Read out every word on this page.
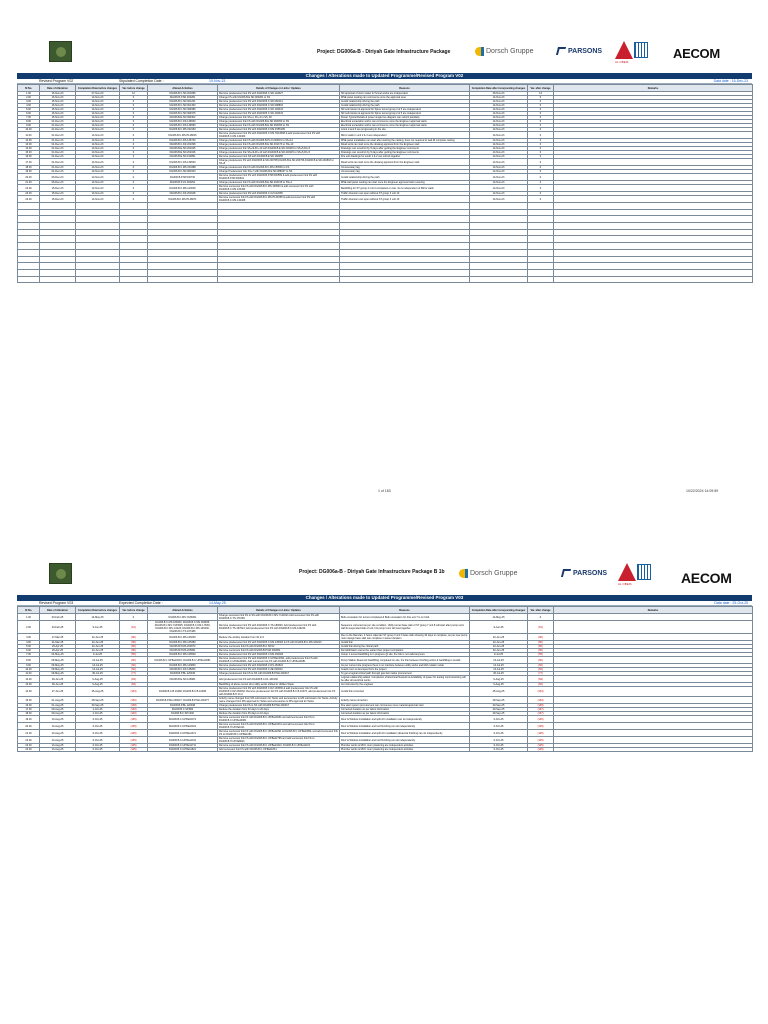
Project: DG006a-B - Diriyah Gate Infrastructure Package	Dorsch Gruppe	PARSONS
AL OBEIS
AECOM
Changes / Alterations made to Updated Programme/Revised Program V02
Revised Program V02	Stipulated Completion Date :	19-Nov-23	Data date : 16-Dec-23
Sl No.	Date of Alteration	Completion Date before changes	Var. before change	Altered Activities	Details of Changes in Links / Updates	Reasons	Completion Date after incorporating changes	Var. after change	Remarks
1.00	16-Nov-23	27-Nov-23	12	DG006.B.C.SD.201866	Remove predecessor link FS with DG006.B.C.SD.144027	SD approval of storm water & Tunnel works are independent	28-Nov-23	13	
2.00	16-Nov-23	14-Nov-23	0	DG006.B.P.SD.000281	Change FS with DG006.B.E.SD.000281 to SS	MSE panel casting can commence once the approval ssue	14-Nov-23	0	
3.00	16-Nov-23	14-Nov-23	0	DG006.B.C.SD.001201	Remove predecessor link FS with DG006.B.C.SD.082114	Invalid relationship driving the path	14-Nov-23	0	
4.00	16-Nov-23	14-Nov-23	0	DG006.B.C.SD.001300	Remove predecessor link FS with DG006.B.C.SD.098803	Invalid relationship driving the path	14-Nov-23	0	
5.00	16-Nov-23	14-Nov-23	0	DG006.B.C.SD.364986	Remove predecessor link FS with DG006.B.C.SD.146043	SD submission & approval for Spine tunnel group 2 & 5 are independent	14-Nov-23	0	
6.00	16-Nov-23	14-Nov-23	0	DG006.B.C.SD.364976	Remove predecessor link FS with DG006.B.C.SD.146043	SD submission & approval for Spine tunnel group 2 & 5 are independent	14-Nov-23	0	
7.00	16-Nov-23	14-Nov-23	0	DG006.B.E.SD.092302	Change predecessor link SS+4, FF+4 to SS, FF	Power Typical Details & power single line diagram can submit parallelly	14-Nov-23	0	
8.00	01-Dec-23	14-Nov-23	0	DG006.B.C.DS.139630	Change predecessor link FS with DG006.B.E.SD.093050 to SS	Electrical excavation works can commence once the Engineer approval starts	14-Nov-23	0	
9.00	01-Dec-23	14-Nov-23	0	DG006.B.C.DS.139660	Change predecessor link FS with DG006.B.E.SD.093050 to SS	Electrical excavation works can commence once the Engineer approval starts	14-Nov-23	0	
10.00	01-Dec-23	14-Nov-23	0	DG006.B.C.MS.190163	Remove predecessor link FS with DG006.B.C.MS.P155199	Grout 2 and 3 are progressing in the site	14-Nov-23	0	
11.00	01-Dec-23	14-Nov-23	0	DG006.B.C.MS.H148015	Remove predecessor link FS with DG006.B.C.MS.H143468 & add predecessor link FS with DG006.B.C.MS.140460	Mirror walls in unit 2 & 3 are independent	14-Nov-23	0	
12.00	01-Dec-23	14-Nov-23	0	DG006.B.C.DS.136740	Change predecessor link FS with DG006.B.P.LO.003001 to SS+14	MSE panel installation can start after starting the casting, does not required to wait till complete casting	14-Nov-23	0	
13.00	01-Dec-23	14-Nov-23	0	DG006.B.C.DZ.201098	Change predecessor link FS with DG006.B.E.SD.031473 to SS+10	Road work can start once the drawing approval from the Engineer start	14-Nov-23	0	
14.00	01-Dec-23	14-Nov-23	0	DG006.B.E.SD.201025	Change predecessor link SS+3LFF+10 with DG006.B.E.SD.203115 to SS+5,FF+5	Drawings can resubmit by 5 days after getting the Engineer comments	14-Nov-23	0	
15.00	01-Dec-23	14-Nov-23	0	DG006.B.E.SD.201026	Change predecessor link SS+3LFF+10 with DG006.B.E.SD.203115 to SS+5,FF+5	Drawings can resubmit by 5 days after getting the Engineer comments	14-Nov-23	0	
16.00	01-Dec-23	14-Nov-23	0	DG006.B.E.SD.162891	Remove predecessor link SS with DG006.B.E.SD.160055	Fire exit drawings for south 1 & 2 can submit together	14-Nov-23	0	
17.00	01-Dec-23	14-Nov-23	0	DG006.B.C.DS.139530	Change predecessor FS with DG006.B.E.SD.200795,DG006.B.E.SD.200796,DG006.B.E.SD.200803 to SS+5	Road work can start once the drawing approval from the Engineer start	14-Nov-23	0	
18.00	01-Dec-23	14-Nov-23	0	DG006.B.C.MS.150488	Change predecessor link FS with DG006.B.C.MS.150539 to FS	Unnecessary lag	14-Nov-23	0	
19.00	01-Dec-23	14-Nov-23	0	DG006.B.C.SD.081603	Change Predecessor link SS+7 with DG006.B.E.SD.088037 to SS	Unnecessary lag	14-Nov-23	0	
20.00	06-Dec-23	14-Nov-23	0	DG006.B.P.SP.000730	Remove predecessor link FS with DG006.B.P.SP.000569 & add predecessor link FS with DG006.B.P.SP.000601	Invalid relationship driving the path	14-Nov-23	0	
21.00	06-Dec-23	14-Nov-23	0	DG006.B.P.LO.003291	Change predecessor link FS with DG006.B.E.SD.203015 to SS+4	MSE wall panel casting can start once the Engineer approval start receiving	14-Nov-23	0	
22.00	15-Dec-23	14-Nov-23	0	DG006.B.C.MS.120036	Remove successor link FS with DG006.B.C.MS.100540 & add successor link FS with DG006.B.C.MS.100493	Backfilling for ST group 4 unit 4 completed on site, So is independent of Mirror walls	14-Nov-23	0	
23.00	15-Dec-23	14-Nov-23	0	DG006.B.C.DZ.201648	Remove predecessor link FS with DG006.B.C.CZ.012065	Traffic diversion can open without ST group 3 unit 10	14-Nov-23	0	
24.00	15-Dec-23	14-Nov-23	0	DG006.B.C.MS.H148071	Remove successor link FS with DG006.B.C.MS.H143058 & add successor link FS with DG006.B.C.MS.140408	Traffic diversion can open without ST group 3 unit 10	14-Nov-23	0	

Project: DG006a-B - Diriyah Gate Infrastructure Package B 1b	Dorsch Gruppe	PARSONS
AL OBEIS	AECOM
Changes / Alterations made to Updated Programme/Revised Program V03
Revised Program V03	Expected Completion Date :	14-May-25	Data date : 25-Oct-25
Sl No.	Date of Alteration	Completion Date before changes	Var. before change	Altered Activities	Details of Changes in Links / Updates	Reasons	Completion Date after incorporating changes	Var. after change	Remarks
1.00	03-Feb-25	14-May-25	0	DG006.B.C.MS.Y183061	Change successor link FS to SS with DG006.B.C.MS.Y144021 Add successor link FS with DG006.B.C.TS.171069	Bulk excavation for tunnel completed & Bulk excavation for Fire exit 7 is on hold.	14-May-25	0	
2.00	23-Feb-25	9-Jun-25	(61)	DG006.B.C.MS.183060; DG006.B.C.MS.183065; DG006.B.C.MS.Y183525; DG006.B.C.MS.1.3530; DG006.B.C.MS.1.6220; DG006.B.C.MS.146230; DG006.B.C.TS.167480	Remove predecessor link FS with DG006.B.C.TS.180640; Add predecessor link FS with DG006.B.C.TS.167623; Add predecessor link FS with DG006.B.C.MS.146230	Sequence corrected as per site condition. Utility tunnel base slab of ST group 7 unit 8 will start after pump room wall & suspended slab of unit 3 & pump room will cast together.	9-Jun-25	(61)	
3.00	17-Mar-25	22-Jun-25	(80)	DG006.B.C.MS.146230	Reduce the activity duration from 32 to 6	Due to the Ramzan, 4 hours calender ST group 3 unit 3 base slab showing 32 days to complete, as per new pump room design base slab can complete in lesser duration	22-Jun-25	(80)	
4.00	21-Mar-25	22-Jun-25	(80)	DG006.B.C.MS.145450	Remove predecessor link FS with DG006.B.C.MS.145300 & FS with DG006.B.C.MS.160210	Invalid link	22-Jun-25	(80)	
5.00	26-Apr-25	22-Jun-25	(80)	DG006.B.P.MA.200970	Remove successor link FS with DG006.B.C.SP.02	Invalid link driving the critical path	22-Jun-25	(80)	
6.00	26-Apr-25	22-Jun-25	(80)	DG006.B.P.MA.200991	Remove successor link FS with DG006.B.P.MA.000981	Demobilization cannot be earlier than project completion	22-Jun-25	(80)	
7.00	02-May-25	9-Jul-25	(55)	DG006.B.C.MS.146500	Remove predecessor link FS with DG006.B.C.MS.160020	Group 1 tunnel backfilling is in progress @ site, the link is not valid anymore	9-Jul-25	(55)	
8.00	09-May-25	13-Jul-25	(60)	DG006.B.C.UP.Ba10091; DG006.B.C.UP.Ba10081	Remove predecessor link FS with DG006.B.C.UP.Ba10091, add predecessor link FS with DG006.B.C.UP.Ba10081; Add successor link FS with DG006.B.C.UP.Ba10081	Pump Station Reservoir backfilling completed on site, the link between finishing works & backfilling is invalid	13-Jul-25	(60)	
9.00	09-May-25	13-Jul-25	(60)	DG006.B.C.MS.140840	Remove predecessor link FS with DG006.B.C.DS.181524	As per current site progress there is no interface between utility works and Mob relation rebar	13-Jul-25	(60)	
10.00	09-May-25	13-Jul-25	(60)	DG006.B.C.DZ.135263	Remove predecessor link FS with DG006.B.C.ZE.000010	Guard room is descoped from the project	13-Jul-25	(60)	
11.00	09-May-25	30-Jul-25	(77)	DG006.B.P.BL.120049	Change predecessor link FS to SS with DG006.B.P.MA.200017	To get a logical critical path through gas farm tasks procurement	30-Jul-25	(77)	
12.00	09-Jun-25	6-Aug-25	(84)	DG006.B.E.SD.126981	Add predecessor link FS with DG006.B.C.DL.400136	Logical relationship added. Completion of Electrical Network & Availability of power for testing commissioning will be after all electrical works	6-Aug-25	(84)	
13.00	09-Jun-25	6-Aug-25	(84)		Backfilling of above tunnel strut utility works shifted to Utilities Week	As instructed by the engineer	6-Aug-25	(84)	
14.00	27-Jun-25	25-Aug-25	(103)	DG006.B.C.B.10466; DG006.B.C.B.10468	Remove predecessor link FS with DG006.B.C.DZ.133536 & add predecessor link FS with DG006.B.C.DZ.230062; Remove predecessor link FS with DG006.B.C.B.10476, add predecessor link FS with DG006.B.H.13.4	Invalid link corrected	25-Aug-25	(103)	
15.00	01-Aug-25	28-Sep-25	(136)	DG006.B.P.MA.200047; DG006.B.P.MA.200077	Activity name changed from MS submission for Tanks and accessories to MS submission for Tanks; Activity name changed from MS approval for Tanks and accessories to MS approval for Tanks	Activity name correction	28-Sep-25	(136)	
16.00	01-Aug-25	30-Sep-25	(138)	DG006.B.P.BL.120048	Change predecessor link FS to SS with DG006.B.P.MA.200017	Fire alert system procurement can commence once material approval start	30-Sep-25	(138)	
17.00	09-Aug-25	2-Oct-25	(140)	DG006.B.C.SP.890	Reduce the duration from 40 days to 20 days	Corrected duration as per latest information	29-Sep-25	(137)	
18.00	09-Aug-25	2-Oct-25	(140)	DG006.B.C.SP.1000	Reduce the duration from 45 days to 10 days	Corrected duration as per latest information	29-Sep-25	(137)	
19.00	13-Aug-25	6-Oct-25	(145)	DG006.B.C.UP.Ba10071	Remove successor link FF with DG006.B.C.UP.Ba10091 and add successor link FS to DG006.B.C.UP.Ba10081	Door & Window installation and split AC installation can do independently	6-Oct-25	(145)	
20.00	13-Aug-25	6-Oct-25	(145)	DG006.B.C.UP.Ba10401	Remove successor link FS with DG006.B.C.UP.Ba10331 and add successor link FS to DG006.B.H.UP.8a1011	Door & Window installation and roof finishing can do independently	6-Oct-25	(145)	
21.00	13-Aug-25	6-Oct-25	(145)	DG006.B.C.UP.Ba11071	Remove successor link FF with DG006.B.C.UP.Ba11091 & DG006.B.C.UP.Ba1080L and add successor link FS to DG006.B.C.UP.Ba1081	Door & Window installation and split AC installation (External finishing can do independently	6-Oct-25	(145)	
22.00	13-Aug-25	6-Oct-25	(145)	DG006.B.C.UP.Ba11011	Remove successor link FS with DG006.B.C.UP.Ba11796 and add successor link FS to DG006.B.H.UP.8a8021	Door & Window installation and roof finishing can do independently	6-Oct-25	(145)	
23.00	13-Aug-25	6-Oct-25	(145)	DG006.B.C.UP.Ba11711	Remove successor link FS with DG006.B.C.UP.Ba10210; DG006.B.C.UP.Ba11101	Plumber works & MCC room plastering are independent activities	6-Oct-25	(145)	
24.00	13-Aug-25	6-Oct-25	(145)	DG006.B.C.UP.Ba11621	Add successor link FS with DG006.B.C.UP.Ba11831	Plumber works & MCC room plastering are independent activities	6-Oct-25	(145)	
1 of 183	10/22/2024 14:09:59
